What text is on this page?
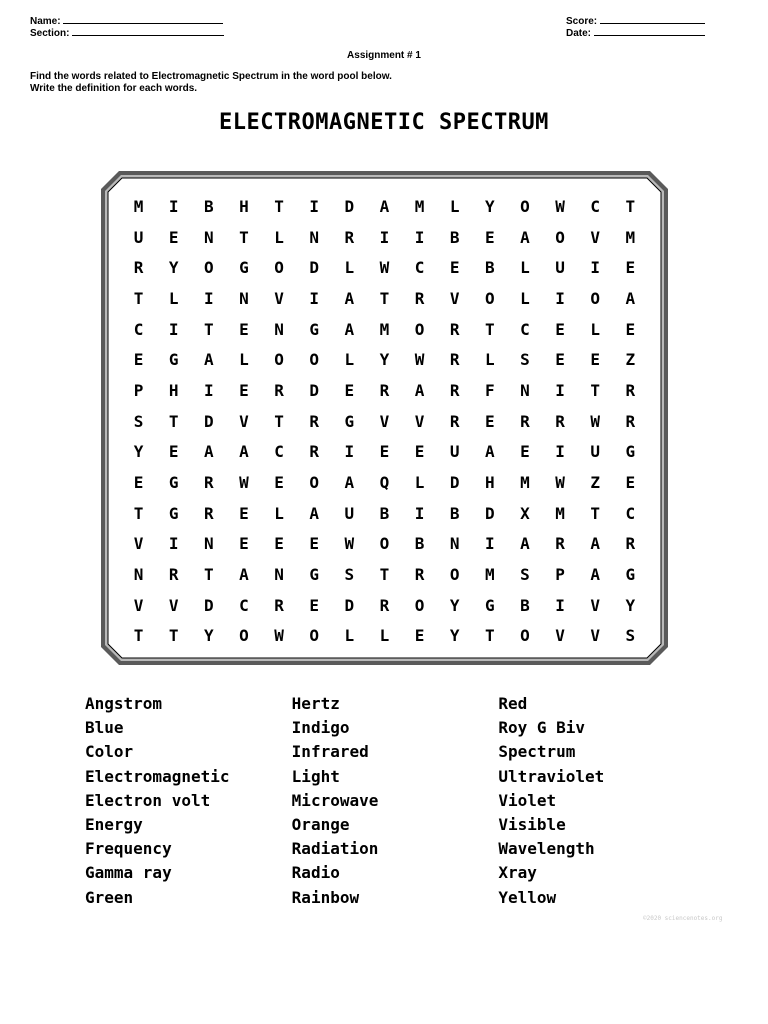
Name:
Section:
Score:
Date:
Assignment # 1
Find the words related to Electromagnetic Spectrum in the word pool below.
Write the definition for each words.
ELECTROMAGNETIC SPECTRUM
M	I	B	H	T	I	D	A	M	L	Y	O	W	C	T
U	E	N	T	L	N	R	I	I	B	E	A	O	V	M
R	Y	O	G	O	D	L	W	C	E	B	L	U	I	E
T	L	I	N	V	I	A	T	R	V	O	L	I	O	A
C	I	T	E	N	G	A	M	O	R	T	C	E	L	E
E	G	A	L	O	O	L	Y	W	R	L	S	E	E	Z
P	H	I	E	R	D	E	R	A	R	F	N	I	T	R
S	T	D	V	T	R	G	V	V	R	E	R	R	W	R
Y	E	A	A	C	R	I	E	E	U	A	E	I	U	G
E	G	R	W	E	O	A	Q	L	D	H	M	W	Z	E
T	G	R	E	L	A	U	B	I	B	D	X	M	T	C
V	I	N	E	E	E	W	O	B	N	I	A	R	A	R
N	R	T	A	N	G	S	T	R	O	M	S	P	A	G
V	V	D	C	R	E	D	R	O	Y	G	B	I	V	Y
T	T	Y	O	W	O	L	L	E	Y	T	O	V	V	S
Angstrom
Blue
Color
Electromagnetic
Electron volt
Energy
Frequency
Gamma ray
Green
Hertz
Indigo
Infrared
Light
Microwave
Orange
Radiation
Radio
Rainbow
Red
Roy G Biv
Spectrum
Ultraviolet
Violet
Visible
Wavelength
Xray
Yellow
©2020 sciencenotes.org
